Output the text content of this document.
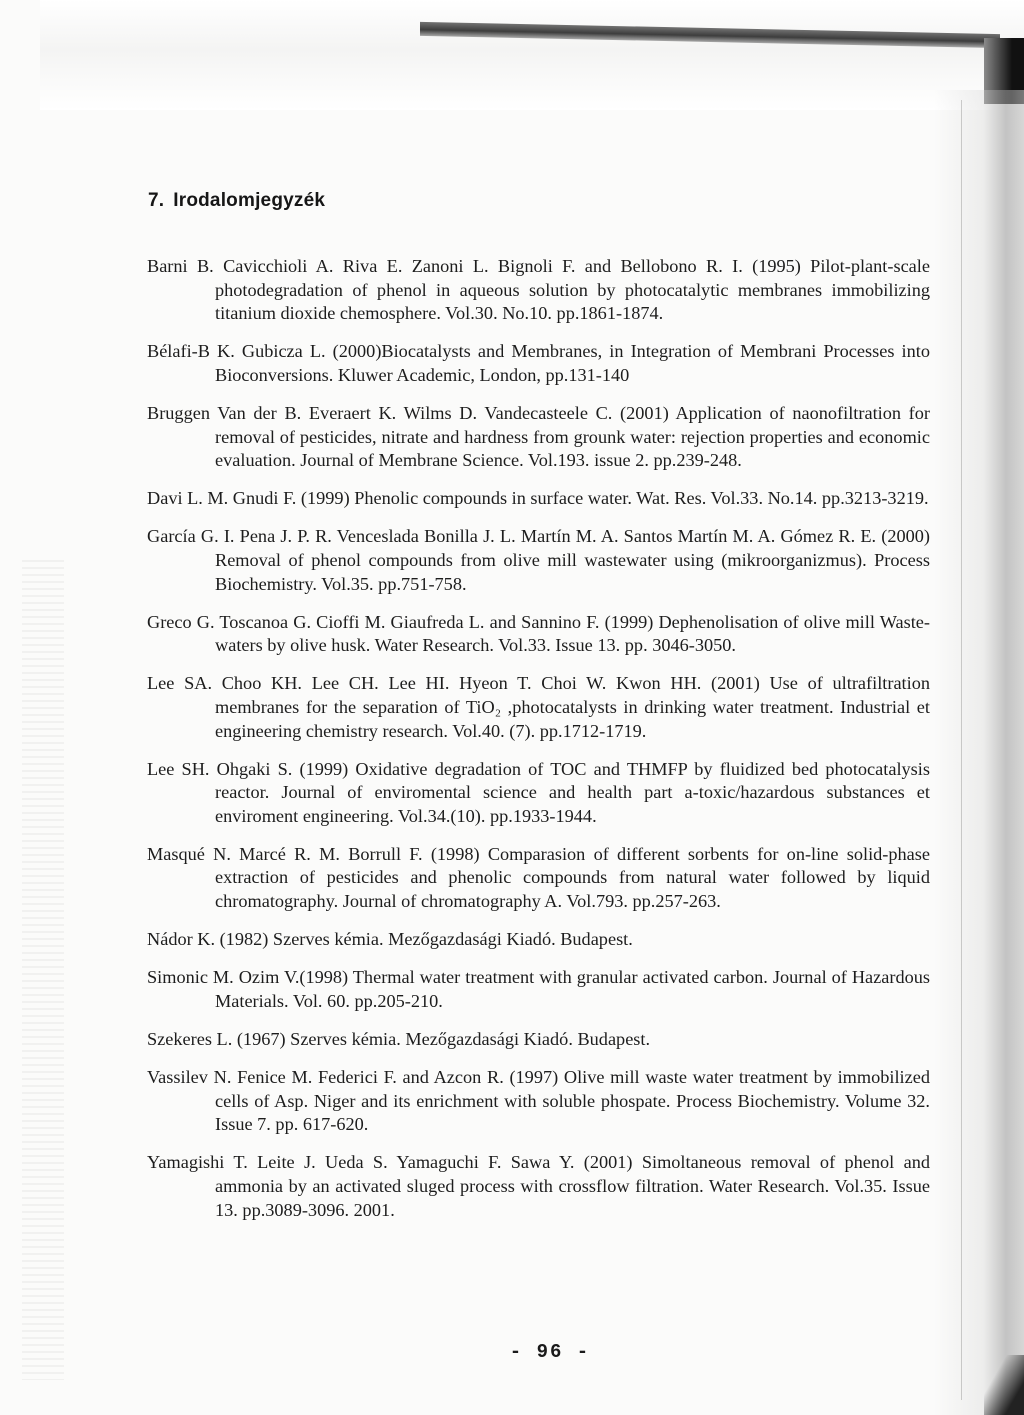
7. Irodalomjegyzék

Barni B. Cavicchioli A. Riva E. Zanoni L. Bignoli F. and Bellobono R. I. (1995) Pilot-plant-scale photodegradation of phenol in aqueous solution by photocatalytic membranes immobilizing titanium dioxide chemosphere. Vol.30. No.10. pp.1861-1874.

Bélafi-B K. Gubicza L. (2000)Biocatalysts and Membranes, in Integration of Membrani Processes into Bioconversions. Kluwer Academic, London, pp.131-140

Bruggen Van der B. Everaert K. Wilms D. Vandecasteele C. (2001) Application of naonofiltration for removal of pesticides, nitrate and hardness from grounk water: rejection properties and economic evaluation. Journal of Membrane Science. Vol.193. issue 2. pp.239-248.

Davi L. M. Gnudi F. (1999) Phenolic compounds in surface water. Wat. Res. Vol.33. No.14. pp.3213-3219.

García G. I. Pena J. P. R. Venceslada Bonilla J. L. Martín M. A. Santos Martín M. A. Gómez R. E. (2000) Removal of phenol compounds from olive mill wastewater using (mikroorganizmus). Process Biochemistry. Vol.35. pp.751-758.

Greco G. Toscanoa G. Cioffi M. Giaufreda L. and Sannino F. (1999) Dephenolisation of olive mill Waste-waters by olive husk. Water Research. Vol.33. Issue 13. pp. 3046-3050.

Lee SA. Choo KH. Lee CH. Lee HI. Hyeon T. Choi W. Kwon HH. (2001) Use of ultrafiltration membranes for the separation of TiO₂ ,photocatalysts in drinking water treatment. Industrial et engineering chemistry research. Vol.40. (7). pp.1712-1719.

Lee SH. Ohgaki S. (1999) Oxidative degradation of TOC and THMFP by fluidized bed photocatalysis reactor. Journal of enviromental science and health part a-toxic/hazardous substances et enviroment engineering. Vol.34.(10). pp.1933-1944.

Masqué N. Marcé R. M. Borrull F. (1998) Comparasion of different sorbents for on-line solid-phase extraction of pesticides and phenolic compounds from natural water followed by liquid chromatography. Journal of chromatography A. Vol.793. pp.257-263.

Nádor K. (1982) Szerves kémia. Mezőgazdasági Kiadó. Budapest.

Simonic M. Ozim V.(1998) Thermal water treatment with granular activated carbon. Journal of Hazardous Materials. Vol. 60. pp.205-210.

Szekeres L. (1967) Szerves kémia. Mezőgazdasági Kiadó. Budapest.

Vassilev N. Fenice M. Federici F. and Azcon R. (1997) Olive mill waste water treatment by immobilized cells of Asp. Niger and its enrichment with soluble phospate. Process Biochemistry. Volume 32. Issue 7. pp. 617-620.

Yamagishi T. Leite J. Ueda S. Yamaguchi F. Sawa Y. (2001) Simoltaneous removal of phenol and ammonia by an activated sluged process with crossflow filtration. Water Research. Vol.35. Issue 13. pp.3089-3096. 2001.

- 96 -
